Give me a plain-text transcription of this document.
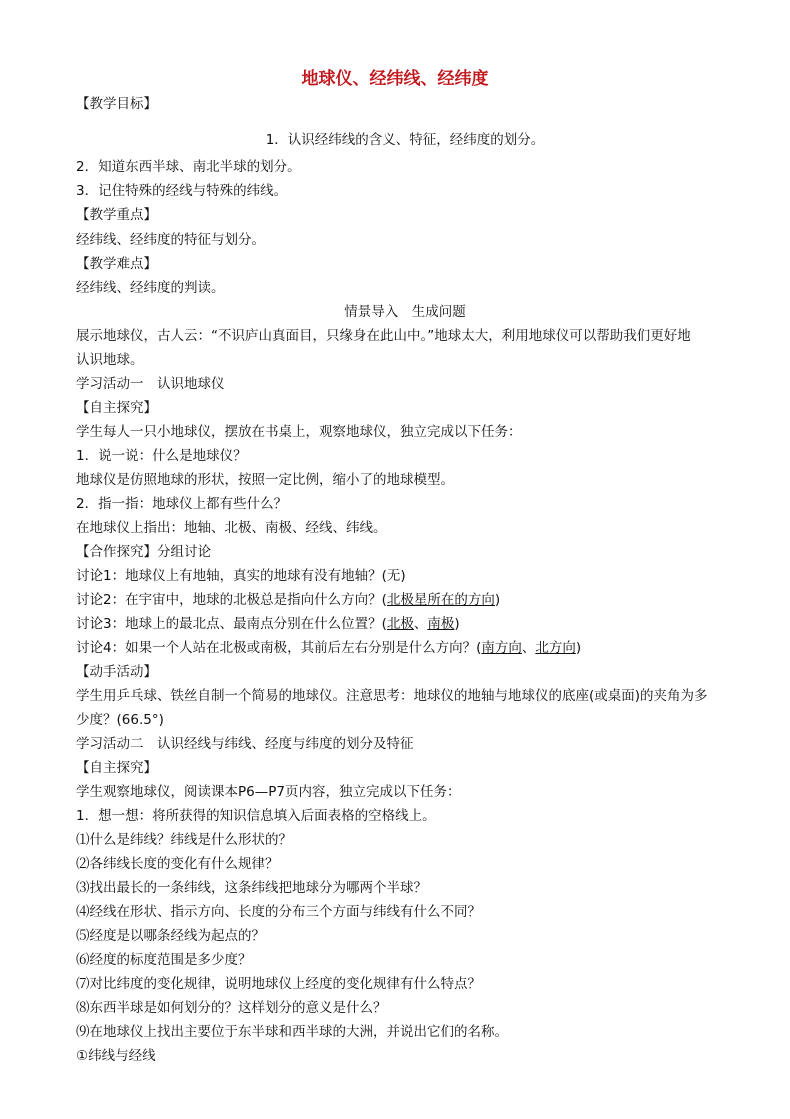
地球仪、经纬线、经纬度
【教学目标】
1．认识经纬线的含义、特征，经纬度的划分。
2．知道东西半球、南北半球的划分。
3．记住特殊的经线与特殊的纬线。
【教学重点】
经纬线、经纬度的特征与划分。
【教学难点】
经纬线、经纬度的判读。
情景导入　生成问题
展示地球仪，古人云：“不识庐山真面目，只缘身在此山中。”地球太大，利用地球仪可以帮助我们更好地
认识地球。
学习活动一　认识地球仪
【自主探究】
学生每人一只小地球仪，摆放在书桌上，观察地球仪，独立完成以下任务：
1．说一说：什么是地球仪？
地球仪是仿照地球的形状，按照一定比例，缩小了的地球模型。
2．指一指：地球仪上都有些什么？
在地球仪上指出：地轴、北极、南极、经线、纬线。
【合作探究】分组讨论
讨论1：地球仪上有地轴，真实的地球有没有地轴？(无)
讨论2：在宇宙中，地球的北极总是指向什么方向？(北极星所在的方向)
讨论3：地球上的最北点、最南点分别在什么位置？(北极、南极)
讨论4：如果一个人站在北极或南极，其前后左右分别是什么方向？(南方向、北方向)
【动手活动】
学生用乒乓球、铁丝自制一个简易的地球仪。注意思考：地球仪的地轴与地球仪的底座(或桌面)的夹角为多
少度？(66.5°)
学习活动二　认识经线与纬线、经度与纬度的划分及特征
【自主探究】
学生观察地球仪，阅读课本P6—P7页内容，独立完成以下任务：
1．想一想：将所获得的知识信息填入后面表格的空格线上。
⑴什么是纬线？纬线是什么形状的？
⑵各纬线长度的变化有什么规律？
⑶找出最长的一条纬线，这条纬线把地球分为哪两个半球？
⑷经线在形状、指示方向、长度的分布三个方面与纬线有什么不同？
⑸经度是以哪条经线为起点的？
⑹经度的标度范围是多少度？
⑺对比纬度的变化规律，说明地球仪上经度的变化规律有什么特点？
⑻东西半球是如何划分的？这样划分的意义是什么？
⑼在地球仪上找出主要位于东半球和西半球的大洲，并说出它们的名称。
①纬线与经线
